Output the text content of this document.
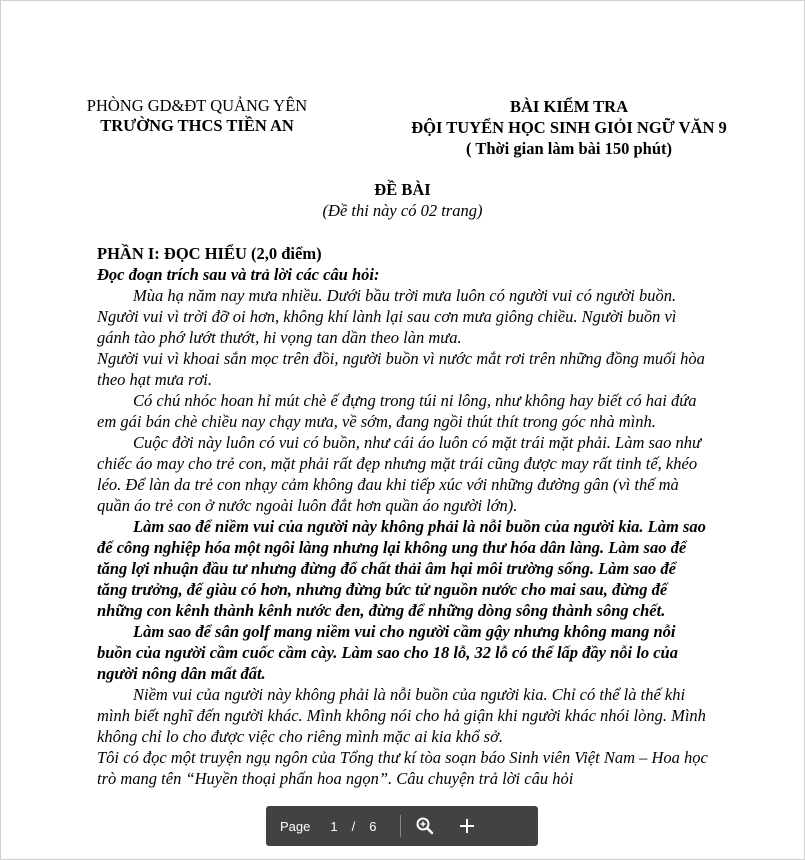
PHÒNG GD&ĐT QUẢNG YÊN
TRƯỜNG THCS TIỀN AN
BÀI KIỂM TRA
ĐỘI TUYỂN HỌC SINH GIỎI NGỮ VĂN 9
( Thời gian làm bài 150 phút)
ĐỀ BÀI
(Đề thi này có 02 trang)

PHẦN I: ĐỌC HIỂU (2,0 điểm)

Đọc đoạn trích sau và trả lời các câu hỏi:

Mùa hạ năm nay mưa nhiều. Dưới bầu trời mưa luôn có người vui có người buồn. Người vui vì trời đỡ oi hơn, không khí lành lại sau cơn mưa giông chiều. Người buồn vì gánh tào phớ lướt thướt, hi vọng tan dần theo làn mưa.

Người vui vì khoai sắn mọc trên đồi, người buồn vì nước mắt rơi trên những đồng muối hòa theo hạt mưa rơi.

Có chú nhóc hoan hỉ mút chè ế đựng trong túi ni lông, như không hay biết có hai đứa em gái bán chè chiều nay chạy mưa, về sớm, đang ngồi thút thít trong góc nhà mình.

Cuộc đời này luôn có vui có buồn, như cái áo luôn có mặt trái mặt phải. Làm sao như chiếc áo may cho trẻ con, mặt phải rất đẹp nhưng mặt trái cũng được may rất tinh tế, khéo léo. Để làn da trẻ con nhạy cảm không đau khi tiếp xúc với những đường gân (vì thế mà quần áo trẻ con ở nước ngoài luôn đắt hơn quần áo người lớn).

Làm sao để niềm vui của người này không phải là nỗi buồn của người kia. Làm sao để công nghiệp hóa một ngôi làng nhưng lại không ung thư hóa dân làng. Làm sao để tăng lợi nhuận đầu tư nhưng đừng đổ chất thải âm hại môi trường sống. Làm sao để tăng trưởng, để giàu có hơn, nhưng đừng bức tử nguồn nước cho mai sau, đừng để những con kênh thành kênh nước đen, đừng để những dòng sông thành sông chết.

Làm sao để sân golf mang niềm vui cho người cầm gậy nhưng không mang nỗi buồn của người cầm cuốc cầm cày. Làm sao cho 18 lỗ, 32 lỗ có thể lấp đầy nỗi lo của người nông dân mất đất.

Niềm vui của người này không phải là nỗi buồn của người kia. Chỉ có thể là thế khi mình biết nghĩ đến người khác. Mình không nói cho hả giận khi người khác nhói lòng. Mình không chỉ lo cho được việc cho riêng mình mặc ai kia khổ sở.

Tôi có đọc một truyện ngụ ngôn của Tổng thư kí tòa soạn báo Sinh viên Việt Nam – Hoa học trò mang tên “Huyền thoại phấn hoa ngọn”. Câu chuyện trả lời câu hỏi

Page 1 / 6
